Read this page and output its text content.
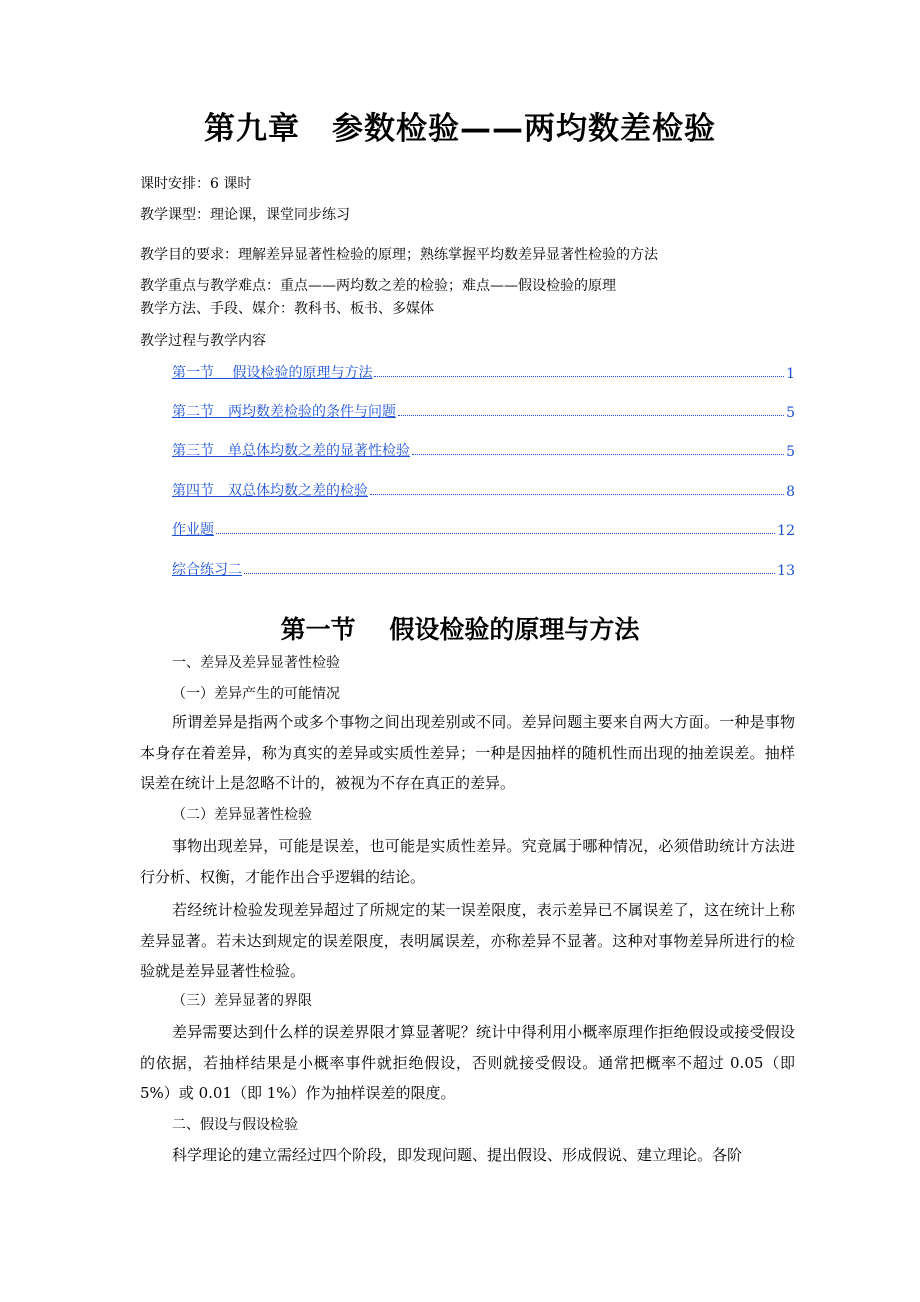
第九章　参数检验——两均数差检验

课时安排：6 课时

教学课型：理论课，课堂同步练习

教学目的要求：理解差异显著性检验的原理；熟练掌握平均数差异显著性检验的方法

教学重点与教学难点：重点——两均数之差的检验；难点——假设检验的原理

教学方法、手段、媒介：教科书、板书、多媒体

教学过程与教学内容

第一节　 假设检验的原理与方法	1
第二节　两均数差检验的条件与问题	5
第三节　单总体均数之差的显著性检验	5
第四节　双总体均数之差的检验	8
作业题	12
综合练习二	13
第一节　 假设检验的原理与方法

一、差异及差异显著性检验

（一）差异产生的可能情况

所谓差异是指两个或多个事物之间出现差别或不同。差异问题主要来自两大方面。一种是事物本身存在着差异，称为真实的差异或实质性差异；一种是因抽样的随机性而出现的抽差误差。抽样误差在统计上是忽略不计的，被视为不存在真正的差异。

（二）差异显著性检验

事物出现差异，可能是误差，也可能是实质性差异。究竟属于哪种情况，必须借助统计方法进行分析、权衡，才能作出合乎逻辑的结论。

若经统计检验发现差异超过了所规定的某一误差限度，表示差异已不属误差了，这在统计上称差异显著。若未达到规定的误差限度，表明属误差，亦称差异不显著。这种对事物差异所进行的检验就是差异显著性检验。

（三）差异显著的界限

差异需要达到什么样的误差界限才算显著呢？统计中得利用小概率原理作拒绝假设或接受假设的依据，若抽样结果是小概率事件就拒绝假设，否则就接受假设。通常把概率不超过 0.05（即 5%）或 0.01（即 1%）作为抽样误差的限度。

二、假设与假设检验

科学理论的建立需经过四个阶段，即发现问题、提出假设、形成假说、建立理论。各阶
